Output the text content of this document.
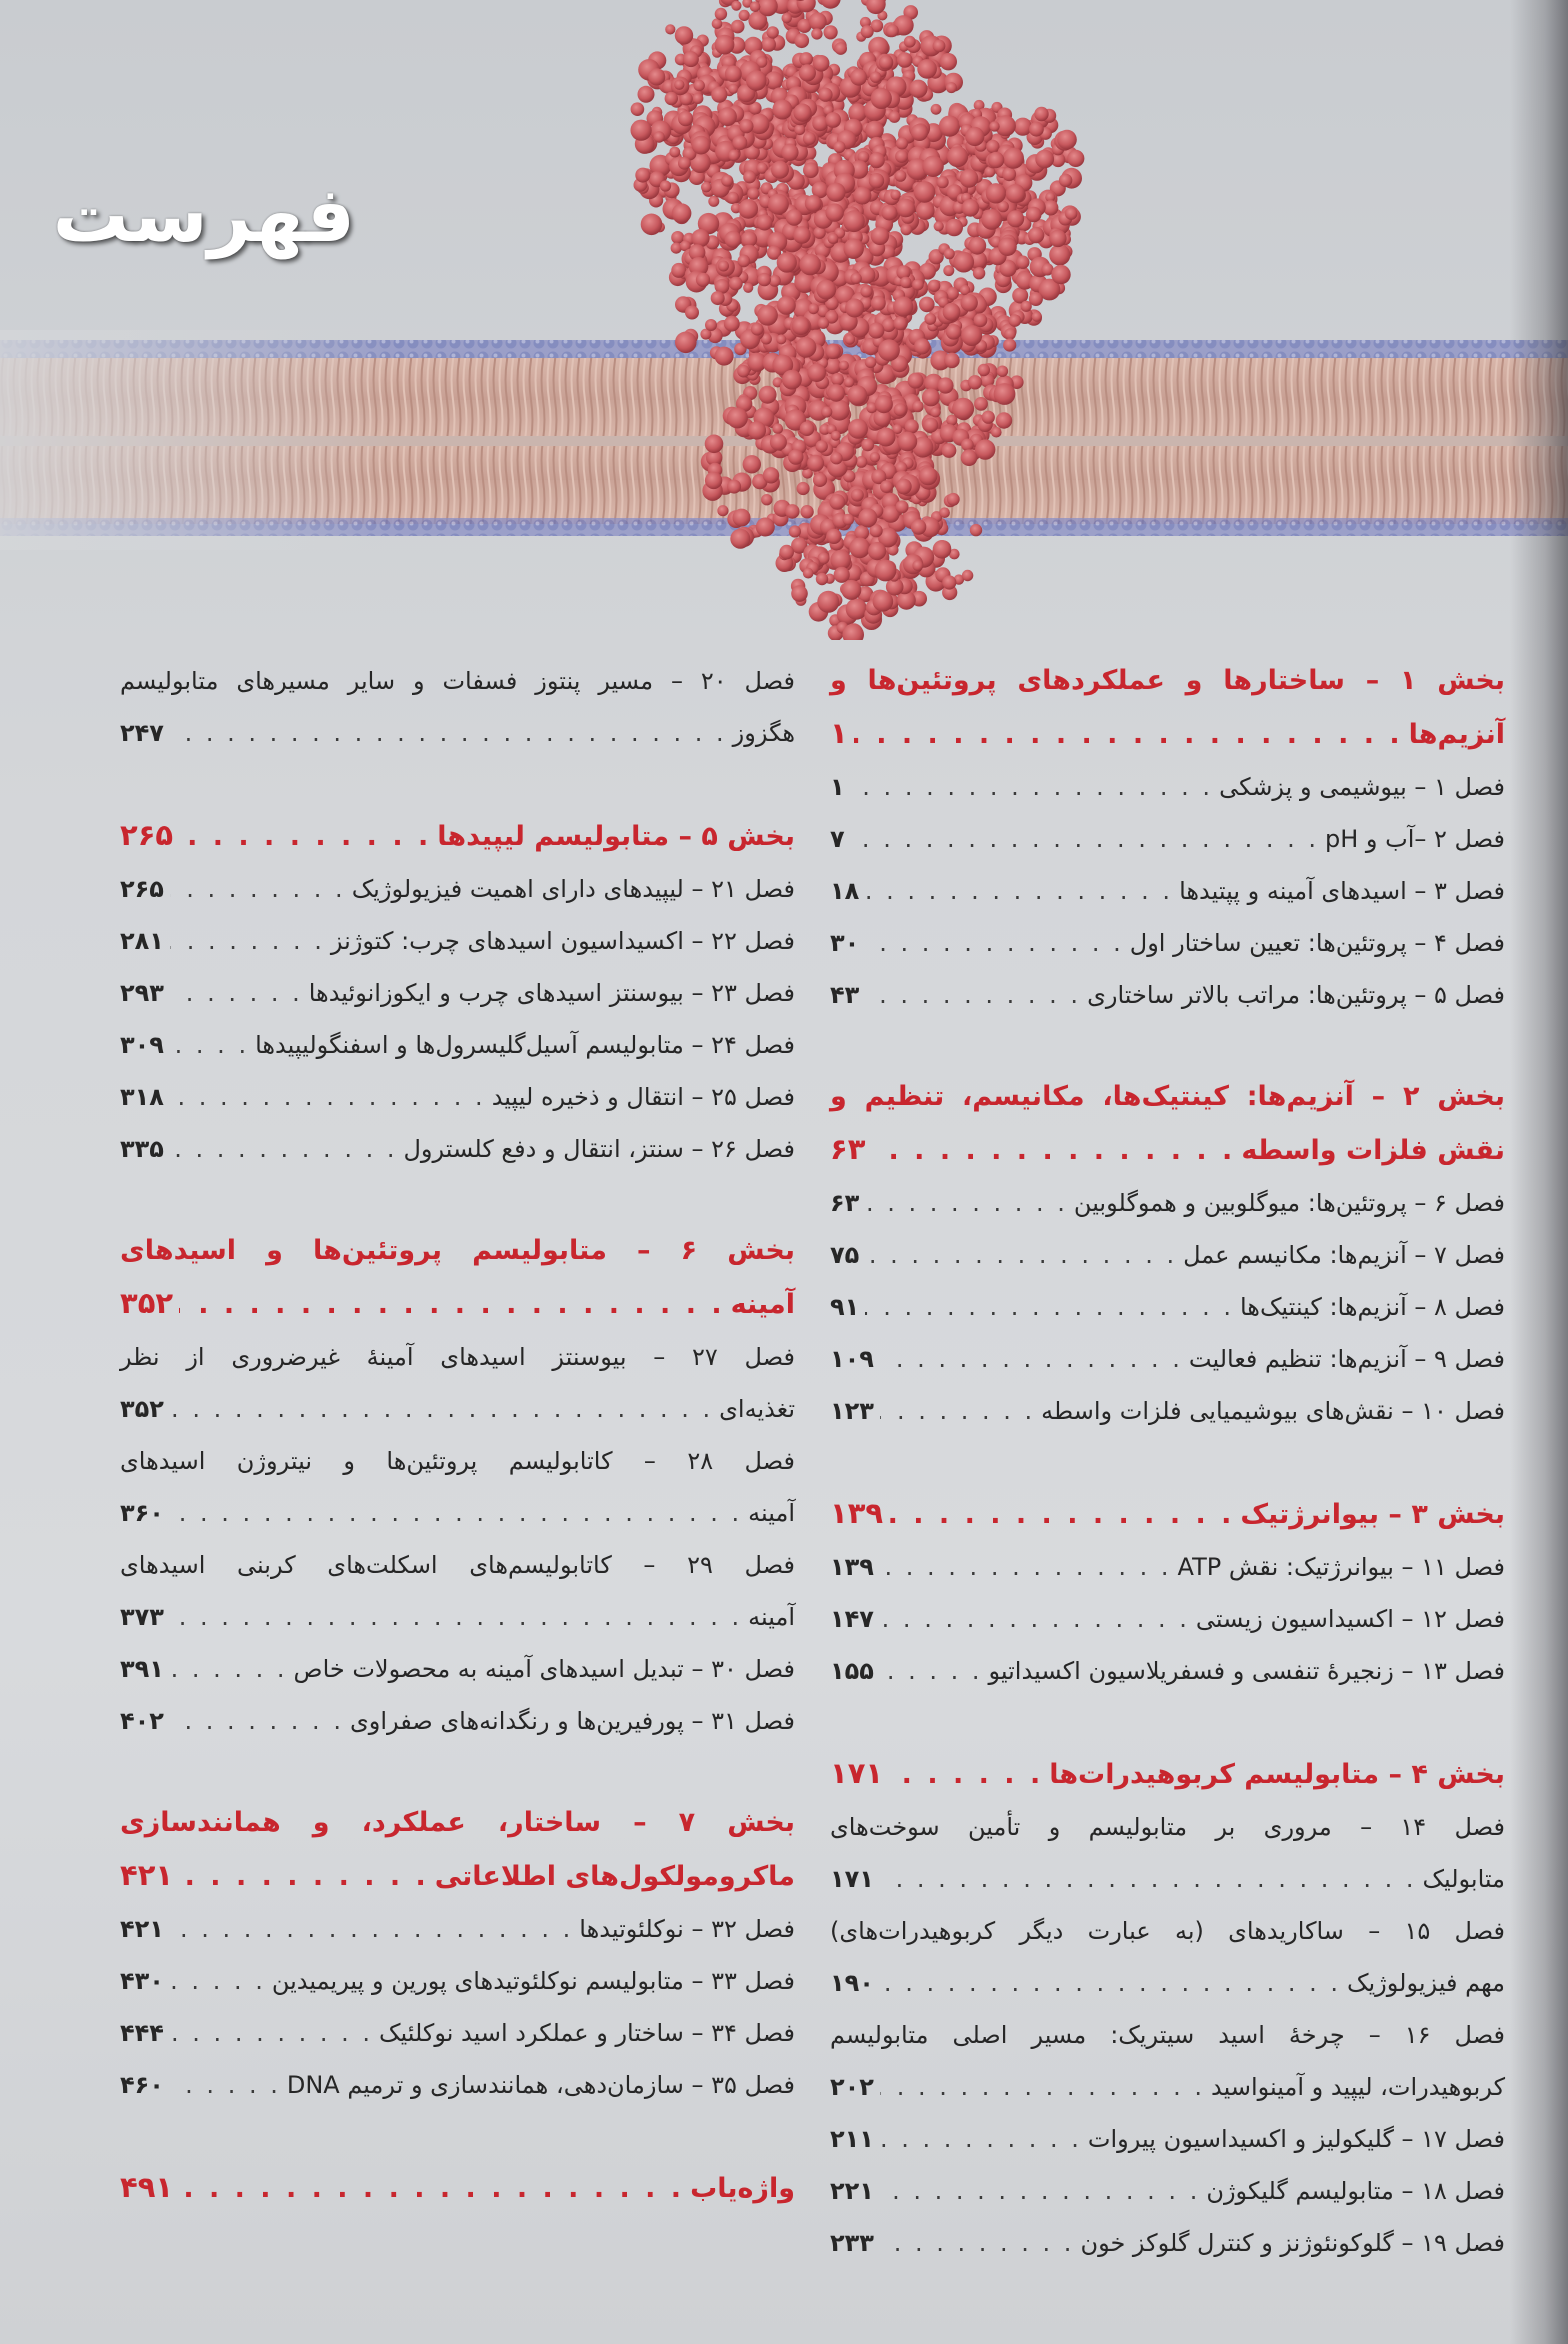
فهرست
بخش ۱ – ساختارها و عملکردهای پروتئین‌ها و
آنزیم‌ها
. . .
۱
فصل ۱ – بیوشیمی و پزشکی
. . .
۱
فصل ۲ –آب و pH
. . .
۷
فصل ۳ – اسیدهای آمینه و پپتیدها
. . .
۱۸
فصل ۴ – پروتئین‌ها: تعیین ساختار اول
. . .
۳۰
فصل ۵ – پروتئین‌ها: مراتب بالاتر ساختاری
. . .
۴۳
بخش ۲ – آنزیم‌ها: کینتیک‌ها، مکانیسم، تنظیم و
نقش فلزات واسطه
. . .
۶۳
فصل ۶ – پروتئین‌ها: میوگلوبین و هموگلوبین
. . .
۶۳
فصل ۷ – آنزیم‌ها: مکانیسم عمل
. . .
۷۵
فصل ۸ – آنزیم‌ها: کینتیک‌ها
. . .
۹۱
فصل ۹ – آنزیم‌ها: تنظیم فعالیت
. . .
۱۰۹
فصل ۱۰ – نقش‌های بیوشیمیایی فلزات واسطه
. . .
۱۲۳
بخش ۳ – بیوانرژتیک
. . .
۱۳۹
فصل ۱۱ – بیوانرژتیک: نقش ATP
. . .
۱۳۹
فصل ۱۲ – اکسیداسیون زیستی
. . .
۱۴۷
فصل ۱۳ – زنجیرهٔ تنفسی و فسفریلاسیون اکسیداتیو
. . .
۱۵۵
بخش ۴ – متابولیسم کربوهیدرات‌ها
. . .
۱۷۱
فصل ۱۴ – مروری بر متابولیسم و تأمین سوخت‌های
متابولیک
. . .
۱۷۱
فصل ۱۵ – ساکاریدهای (به عبارت دیگر کربوهیدرات‌های)
مهم فیزیولوژیک
. . .
۱۹۰
فصل ۱۶ – چرخهٔ اسید سیتریک: مسیر اصلی متابولیسم
کربوهیدرات، لیپید و آمینواسید
. . .
۲۰۲
فصل ۱۷ – گلیکولیز و اکسیداسیون پیروات
. . .
۲۱۱
فصل ۱۸ – متابولیسم گلیکوژن
. . .
۲۲۱
فصل ۱۹ – گلوکونئوژنز و کنترل گلوکز خون
. . .
۲۳۳
فصل ۲۰ – مسیر پنتوز فسفات و سایر مسیرهای متابولیسم
هگزوز
. . .
۲۴۷
بخش ۵ – متابولیسم لیپیدها
. . .
۲۶۵
فصل ۲۱ – لیپیدهای دارای اهمیت فیزیولوژیک
. . .
۲۶۵
فصل ۲۲ – اکسیداسیون اسیدهای چرب: کتوژنز
. . .
۲۸۱
فصل ۲۳ – بیوسنتز اسیدهای چرب و ایکوزانوئیدها
. . .
۲۹۳
فصل ۲۴ – متابولیسم آسیل‌گلیسرول‌ها و اسفنگولیپیدها
. . .
۳۰۹
فصل ۲۵ – انتقال و ذخیره لیپید
. . .
۳۱۸
فصل ۲۶ – سنتز، انتقال و دفع کلسترول
. . .
۳۳۵
بخش ۶ – متابولیسم پروتئین‌ها و اسیدهای
آمینه
. . .
۳۵۲
فصل ۲۷ – بیوسنتز اسیدهای آمینهٔ غیرضروری از نظر
تغذیه‌ای
. . .
۳۵۲
فصل ۲۸ – کاتابولیسم پروتئین‌ها و نیتروژن اسیدهای
آمینه
. . .
۳۶۰
فصل ۲۹ – کاتابولیسم‌های اسکلت‌های کربنی اسیدهای
آمینه
. . .
۳۷۳
فصل ۳۰ – تبدیل اسیدهای آمینه به محصولات خاص
. . .
۳۹۱
فصل ۳۱ – پورفیرین‌ها و رنگدانه‌های صفراوی
. . .
۴۰۲
بخش ۷ – ساختار، عملکرد، و همانندسازی
ماکرومولکول‌های اطلاعاتی
. . .
۴۲۱
فصل ۳۲ – نوکلئوتیدها
. . .
۴۲۱
فصل ۳۳ – متابولیسم نوکلئوتیدهای پورین و پیریمیدین
. . .
۴۳۰
فصل ۳۴ – ساختار و عملکرد اسید نوکلئیک
. . .
۴۴۴
فصل ۳۵ – سازمان‌دهی، همانندسازی و ترمیم DNA
. . .
۴۶۰
واژه‌یاب
. . .
۴۹۱
